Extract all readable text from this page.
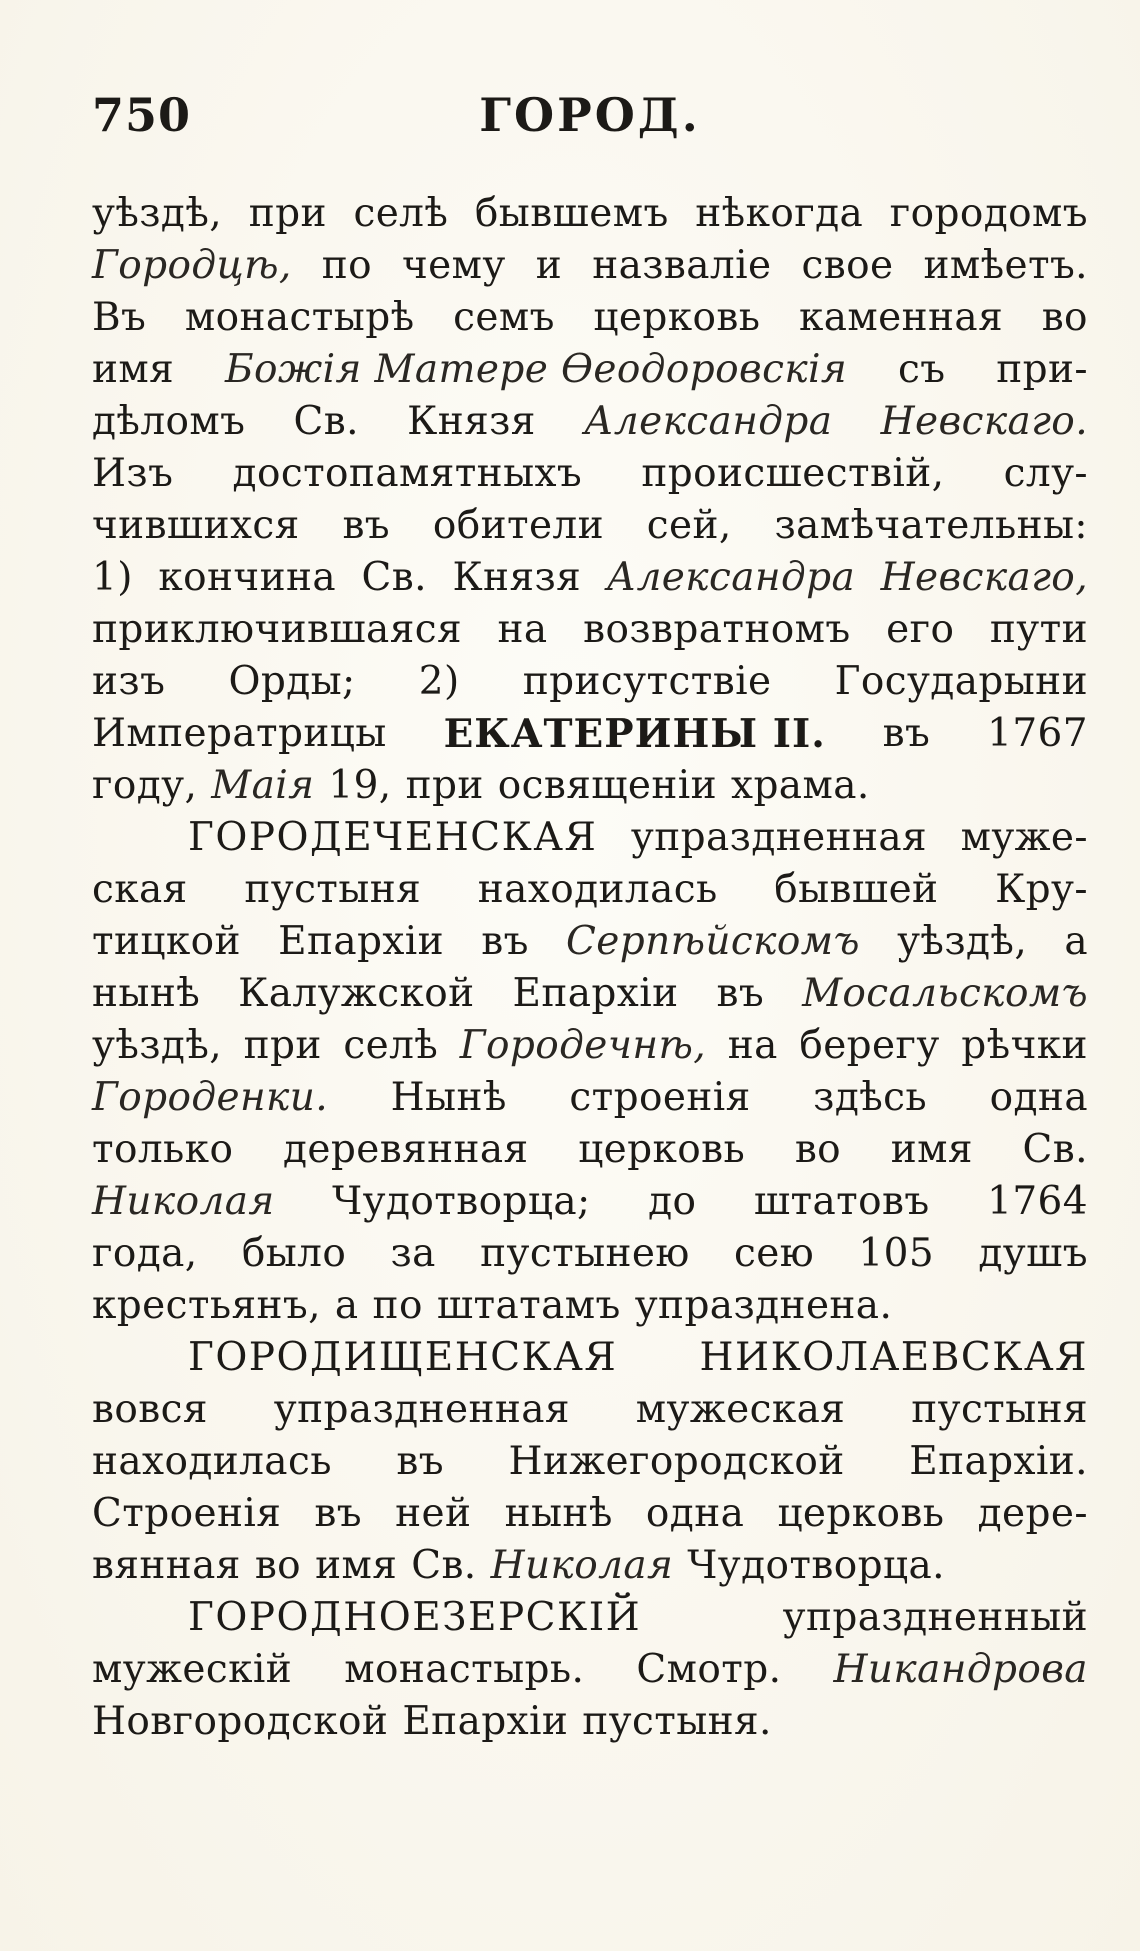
750	ГОРОД.
уѣздѣ, при селѣ бывшемъ нѣкогда городомъ
Городцѣ, по чему и назваліе свое имѣетъ.
Въ монастырѣ семъ церковь каменная во
имя Божія Матере Ѳеодоровскія съ при-
дѣломъ Св. Князя Александра Невскаго.
Изъ достопамятныхъ происшествій, слу-
чившихся въ обители сей, замѣчательны:
1) кончина Св. Князя Александра Невскаго,
приключившаяся на возвратномъ его пути
изъ Орды; 2) присутствіе Государыни
Императрицы ЕКАТЕРИНЫ II. въ 1767
году, Маія 19, при освященіи храма.
ГОРОДЕЧЕНСКАЯ упраздненная муже-
ская пустыня находилась бывшей Кру-
тицкой Епархіи въ Серпѣйскомъ уѣздѣ, а
нынѣ Калужской Епархіи въ Мосальскомъ
уѣздѣ, при селѣ Городечнѣ, на берегу рѣчки
Городенки. Нынѣ строенія здѣсь одна
только деревянная церковь во имя Св.
Николая Чудотворца; до штатовъ 1764
года, было за пустынею сею 105 душъ
крестьянъ, а по штатамъ упразднена.
ГОРОДИЩЕНСКАЯ НИКОЛАЕВСКАЯ
вовся упраздненная мужеская пустыня
находилась въ Нижегородской Епархіи.
Строенія въ ней нынѣ одна церковь дере-
вянная во имя Св. Николая Чудотворца.
ГОРОДНОЕЗЕРСКІЙ	упраздненный
мужескій монастырь. Смотр. Никандрова
Новгородской Епархіи пустыня.
